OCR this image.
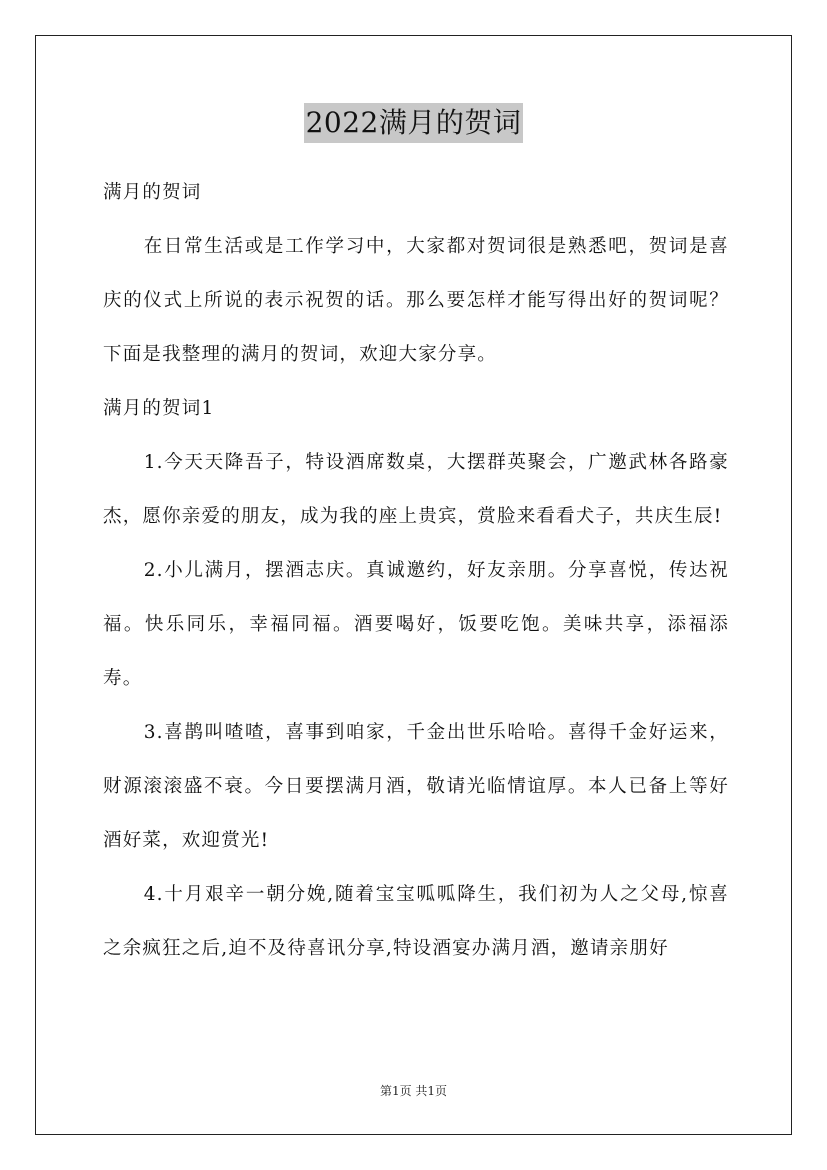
2022满月的贺词

满月的贺词

在日常生活或是工作学习中，大家都对贺词很是熟悉吧，贺词是喜庆的仪式上所说的表示祝贺的话。那么要怎样才能写得出好的贺词呢？下面是我整理的满月的贺词，欢迎大家分享。

满月的贺词1

1.今天天降吾子，特设酒席数桌，大摆群英聚会，广邀武林各路豪杰，愿你亲爱的朋友，成为我的座上贵宾，赏脸来看看犬子，共庆生辰!

2.小儿满月，摆酒志庆。真诚邀约，好友亲朋。分享喜悦，传达祝福。快乐同乐，幸福同福。酒要喝好，饭要吃饱。美味共享，添福添寿。

3.喜鹊叫喳喳，喜事到咱家，千金出世乐哈哈。喜得千金好运来，财源滚滚盛不衰。今日要摆满月酒，敬请光临情谊厚。本人已备上等好酒好菜，欢迎赏光!

4.十月艰辛一朝分娩,随着宝宝呱呱降生，我们初为人之父母,惊喜之余疯狂之后,迫不及待喜讯分享,特设酒宴办满月酒，邀请亲朋好

第1页 共1页
